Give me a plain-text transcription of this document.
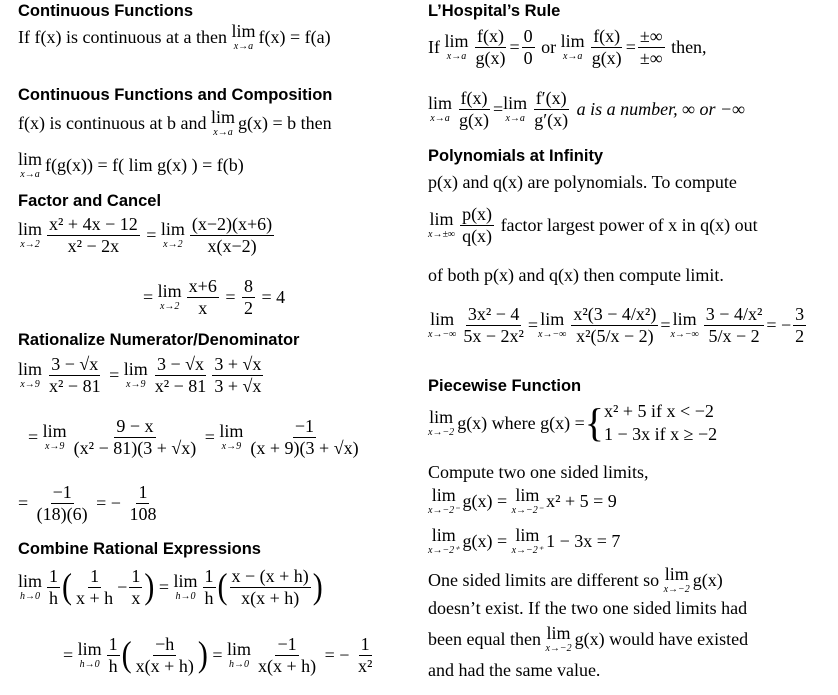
Continuous Functions
If f(x) is continuous at a then
lim
x→a f(x) = f(a)
Continuous Functions and Composition
f(x) is continuous at b and
lim
x→a g(x) = b then
lim
x→a f(g(x)) = f( lim g(x) ) = f(b)
Factor and Cancel
lim
$x\to 2 \frac{\text{x² + 4x − 12}}{\text{x² − 2x}} = \lim$
$x\to 2 \frac{(x-2)(x+6)}{x(x-2)}$
= lim
$x\to 2 \frac{x+6}{x} = \frac{8}{2}$
= 4
Rationalize Numerator/Denominator
lim
$x\to 9 \frac{3 - √x}{\text{x² − 81}} = \lim$
$x\to 9 \frac{3 - √x}{\text{x² − 81}} \frac{3 + √x}{3 + √x}$
= lim
$x\to 9 \frac{9 - x}{\text{(x² − 81)(3 + √x)}} = \lim$
$x\to 9 \frac{-1}{(x + 9)(3 + √x)}$
= $\frac{-1}{(18)(6)}$ = − $\frac{1}{108}$
Combine Rational Expressions
lim
$h\to 0 \frac{1}{h}$ ( $\frac{1}{x + h} - \frac{1}{x}$ ) = lim
$h\to 0 \frac{1}{h}$ ( $\frac{x - (x + h)}{x(x + h)}$ )
= lim
$h\to 0 \frac{1}{h}$ ( $\frac{-h}{x(x + h)}$ ) = lim
$h\to 0 \frac{-1}{x(x + h)}$ = − $\frac{1}{\text{x²}}$
L’Hospital’s Rule
If
lim
$x\to a \frac{f(x)}{g(x)} = \frac{0}{0}$
or
lim
$x\to a \frac{f(x)}{g(x)} = \frac{\pm\infty}{\pm\infty}$
then,
lim
$x\to a \frac{f(x)}{g(x)} = \lim$
$x\to a \frac{f'(x)}{g'(x)}$
a is a number, ∞ or −∞
Polynomials at Infinity
p(x) and q(x) are polynomials. To compute
lim
$x\to\pm\infty \frac{p(x)}{q(x)}$
factor largest power of x in q(x) out
of both p(x) and q(x) then compute limit.
lim
$x\to-\infty \frac{\text{3x² − 4}}{\text{5x − 2x²}} = \lim$
$x\to-\infty \frac{\text{x²(3 − 4/x²)}}{\text{x²(5/x − 2)}} = \lim$
$x\to-\infty \frac{\text{3 − 4/x²}}{5/x - 2}$ = − $\frac{3}{2}$
Piecewise Function
lim
x→−2 g(x) where g(x) = { x² + 5 if x < −2
1 − 3x if x ≥ −2
Compute two one sided limits,
lim
x→−2⁻ g(x) =
lim
x→−2⁻ x² + 5 = 9
lim
x→−2⁺ g(x) =
lim
x→−2⁺ 1 − 3x = 7
One sided limits are different so
lim
x→−2 g(x)
doesn’t exist. If the two one sided limits had
been equal then
lim
x→−2 g(x) would have existed
and had the same value.
